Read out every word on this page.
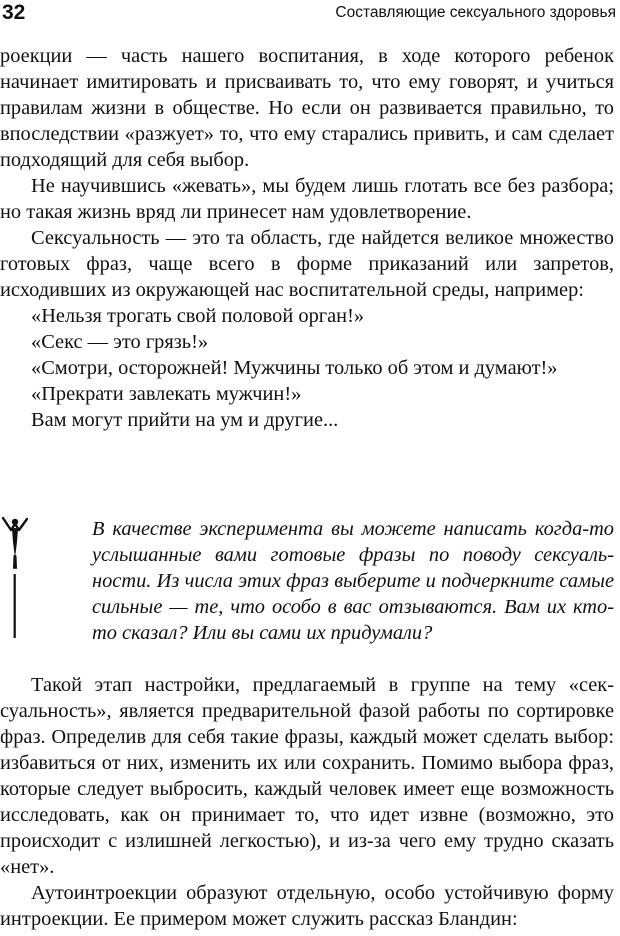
32	Составляющие сексуального здоровья

роекции — часть нашего воспитания, в ходе которого ребенок начинает имитировать и присваивать то, что ему говорят, и учиться правилам жизни в обществе. Но если он развивается правильно, то впоследствии «разжует» то, что ему старались привить, и сам сделает подходящий для себя выбор.

Не научившись «жевать», мы будем лишь глотать все без разбора; но такая жизнь вряд ли принесет нам удовлетворение.

Сексуальность — это та область, где найдется великое множество готовых фраз, чаще всего в форме приказаний или запретов, исходивших из окружающей нас воспитательной среды, например:

«Нельзя трогать свой половой орган!»

«Секс — это грязь!»

«Смотри, осторожней! Мужчины только об этом и думают!»

«Прекрати завлекать мужчин!»

Вам могут прийти на ум и другие...

В качестве эксперимента вы можете написать когда-то услышанные вами готовые фразы по поводу сексуальности. Из числа этих фраз выберите и подчеркните самые сильные — те, что особо в вас отзываются. Вам их кто-то сказал? Или вы сами их придумали?

Такой этап настройки, предлагаемый в группе на тему «сексуальность», является предварительной фазой работы по сортировке фраз. Определив для себя такие фразы, каждый может сделать выбор: избавиться от них, изменить их или сохранить. Помимо выбора фраз, которые следует выбросить, каждый человек имеет еще возможность исследовать, как он принимает то, что идет извне (возможно, это происходит с излишней легкостью), и из-за чего ему трудно сказать «нет».

Аутоинтроекции образуют отдельную, особо устойчивую форму интроекции. Ее примером может служить рассказ Бландин:
